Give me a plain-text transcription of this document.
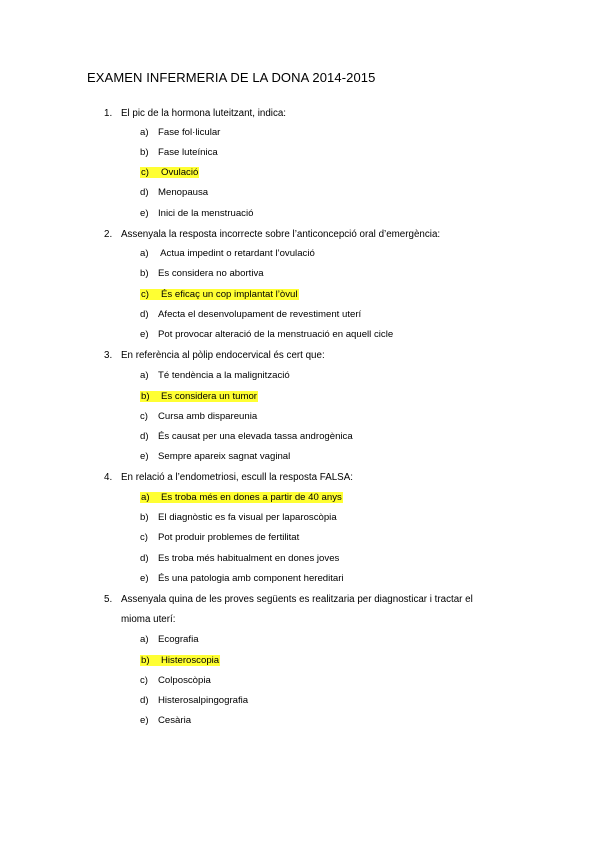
EXAMEN INFERMERIA DE LA DONA 2014-2015
1. El pic de la hormona luteitzant, indica:
a) Fase fol·licular
b) Fase luteínica
c) Ovulació
d) Menopausa
e) Inici de la menstruació
2. Assenyala la resposta incorrecte sobre l’anticoncepció oral d’emergència:
a) Actua impedint o retardant l’ovulació
b) Es considera no abortiva
c) És eficaç un cop implantat l’òvul
d) Afecta el desenvolupament de revestiment uterí
e) Pot provocar alteració de la menstruació en aquell cicle
3. En referència al pòlip endocervical és cert que:
a) Té tendència a la malignització
b) Es considera un tumor
c) Cursa amb dispareunia
d) És causat per una elevada tassa androgènica
e) Sempre apareix sagnat vaginal
4. En relació a l’endometriosi, escull la resposta FALSA:
a) Es troba més en dones a partir de 40 anys
b) El diagnòstic es fa visual per laparoscòpia
c) Pot produir problemes de fertilitat
d) Es troba més habitualment en dones joves
e) És una patologia amb component hereditari
5. Assenyala quina de les proves següents es realitzaria per diagnosticar i tractar el
mioma uterí:
a) Ecografia
b) Histeroscopia
c) Colposcòpia
d) Histerosalpingografia
e) Cesària
